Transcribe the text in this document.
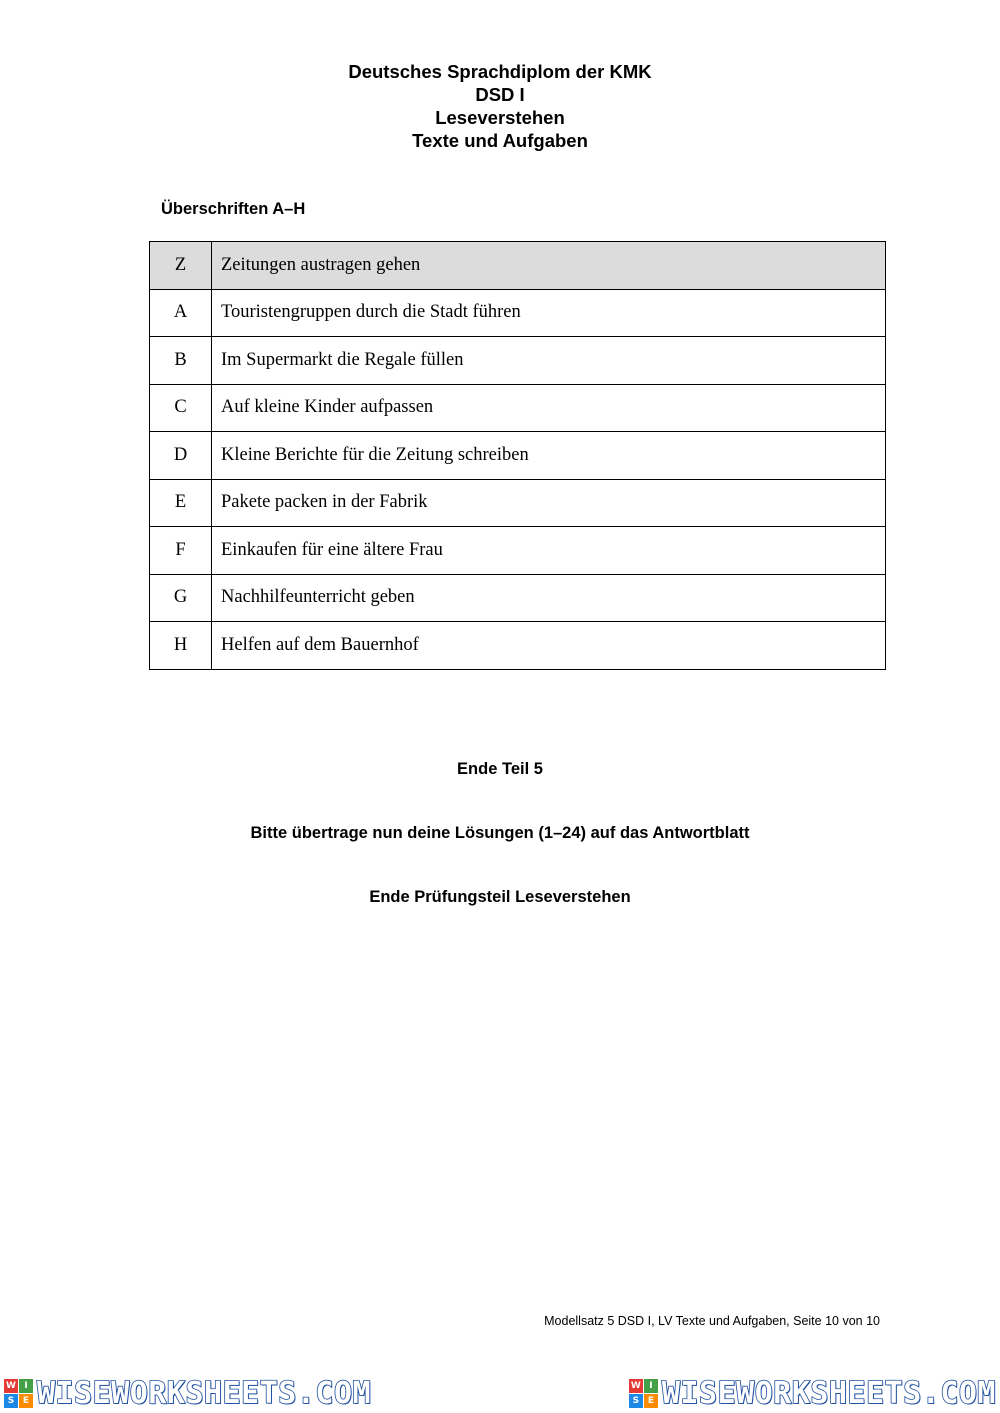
Deutsches Sprachdiplom der KMK
DSD I
Leseverstehen
Texte und Aufgaben
Überschriften A–H
Z	Zeitungen austragen gehen
A	Touristengruppen durch die Stadt führen
B	Im Supermarkt die Regale füllen
C	Auf kleine Kinder aufpassen
D	Kleine Berichte für die Zeitung schreiben
E	Pakete packen in der Fabrik
F	Einkaufen für eine ältere Frau
G	Nachhilfeunterricht geben
H	Helfen auf dem Bauernhof
Ende Teil 5
Bitte übertrage nun deine Lösungen (1–24) auf das Antwortblatt
Ende Prüfungsteil Leseverstehen
Modellsatz 5 DSD I, LV Texte und Aufgaben, Seite 10 von 10
W I
S E WISEWORKSHEETS.COM	W I
S E WISEWORKSHEETS.COM
